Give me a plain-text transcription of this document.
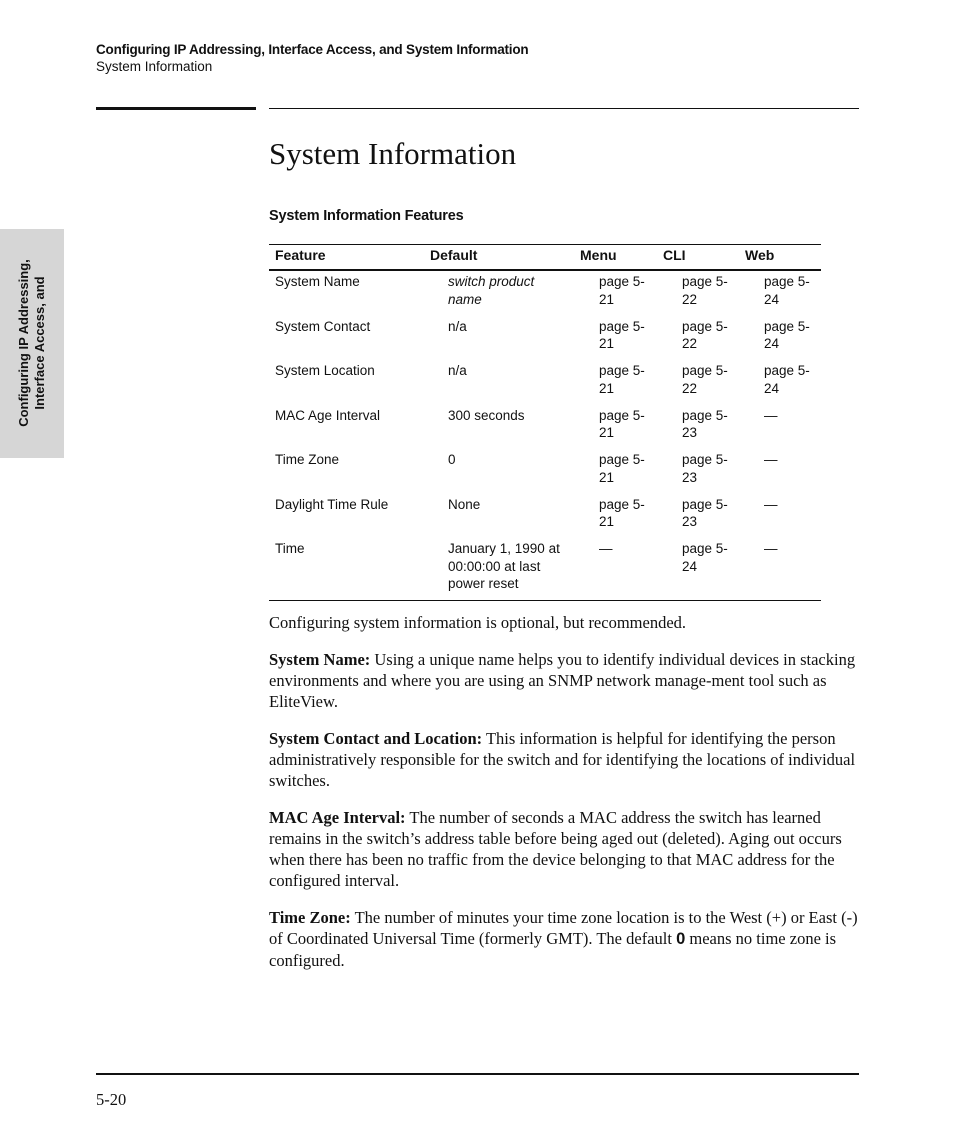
Configuring IP Addressing, Interface Access, and System Information
System Information
Configuring IP Addressing, Interface Access, and
System Information
System Information Features
Feature	Default	Menu	CLI	Web
System Name	switch product name	page 5-21	page 5-22	page 5-24
System Contact	n/a	page 5-21	page 5-22	page 5-24
System Location	n/a	page 5-21	page 5-22	page 5-24
MAC Age Interval	300 seconds	page 5-21	page 5-23	—
Time Zone	0	page 5-21	page 5-23	—
Daylight Time Rule	None	page 5-21	page 5-23	—
Time	January 1, 1990 at 00:00:00 at last power reset	—	page 5-24	—

Configuring system information is optional, but recommended.

System Name: Using a unique name helps you to identify individual devices in stacking environments and where you are using an SNMP network manage-ment tool such as EliteView.

System Contact and Location: This information is helpful for identifying the person administratively responsible for the switch and for identifying the locations of individual switches.

MAC Age Interval: The number of seconds a MAC address the switch has learned remains in the switch’s address table before being aged out (deleted). Aging out occurs when there has been no traffic from the device belonging to that MAC address for the configured interval.

Time Zone: The number of minutes your time zone location is to the West (+) or East (-) of Coordinated Universal Time (formerly GMT). The default 0 means no time zone is configured.

5-20
